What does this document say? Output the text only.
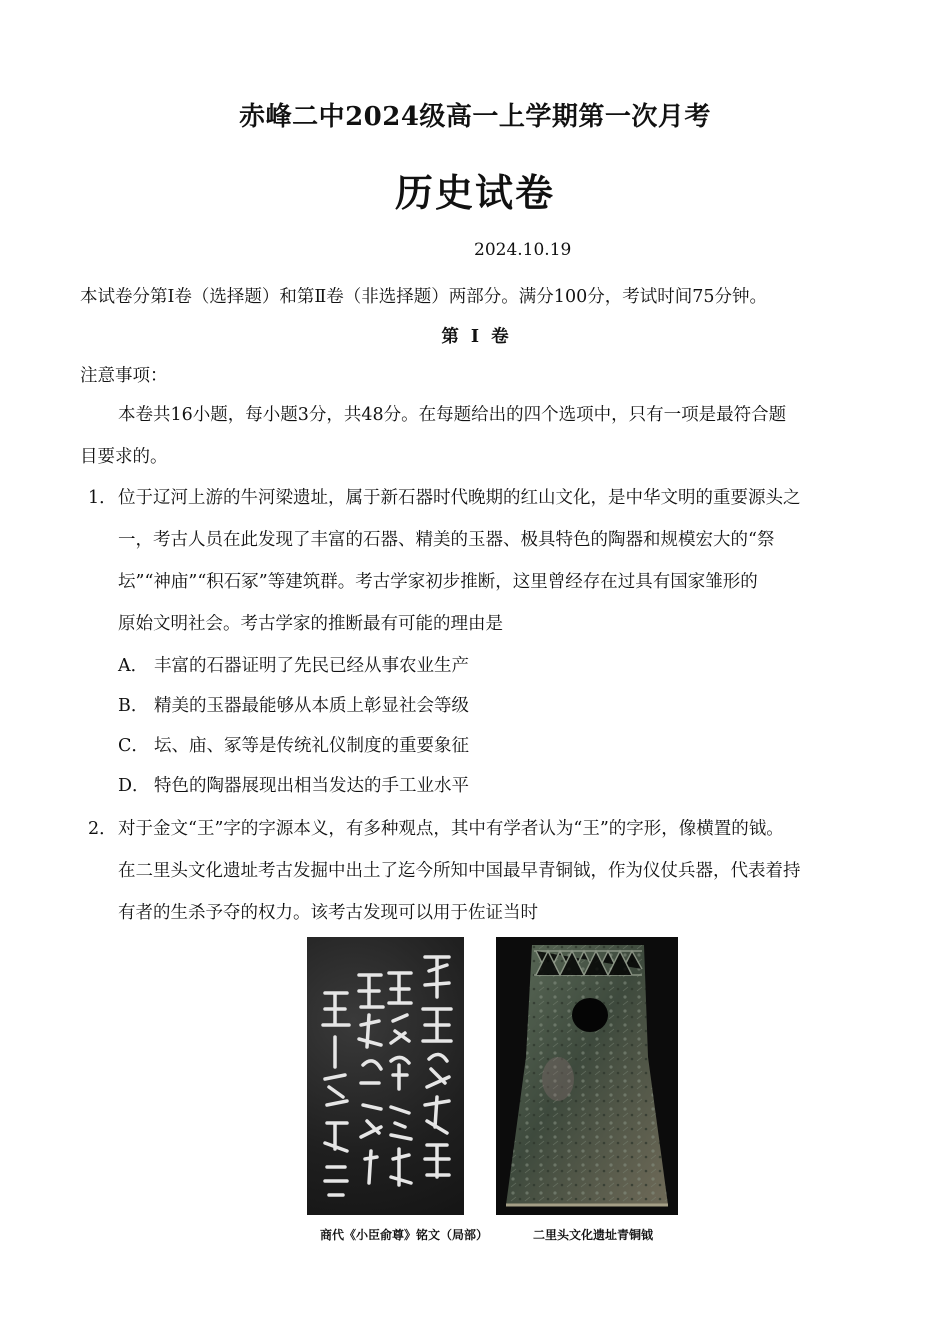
赤峰二中2024级高一上学期第一次月考
历史试卷
2024.10.19
本试卷分第Ⅰ卷（选择题）和第Ⅱ卷（非选择题）两部分。满分100分，考试时间75分钟。
第 Ⅰ 卷
注意事项：
本卷共16小题，每小题3分，共48分。在每题给出的四个选项中，只有一项是最符合题
目要求的。
1． 位于辽河上游的牛河梁遗址，属于新石器时代晚期的红山文化，是中华文明的重要源头之
一，考古人员在此发现了丰富的石器、精美的玉器、极具特色的陶器和规模宏大的“祭
坛”“神庙”“积石冢”等建筑群。考古学家初步推断，这里曾经存在过具有国家雏形的
原始文明社会。考古学家的推断最有可能的理由是
A． 丰富的石器证明了先民已经从事农业生产
B． 精美的玉器最能够从本质上彰显社会等级
C． 坛、庙、冢等是传统礼仪制度的重要象征
D． 特色的陶器展现出相当发达的手工业水平
2． 对于金文“王”字的字源本义，有多种观点，其中有学者认为“王”的字形，像横置的钺。
在二里头文化遗址考古发掘中出土了迄今所知中国最早青铜钺，作为仪仗兵器，代表着持
有者的生杀予夺的权力。该考古发现可以用于佐证当时
商代《小臣俞尊》铭文（局部）	二里头文化遗址青铜钺
